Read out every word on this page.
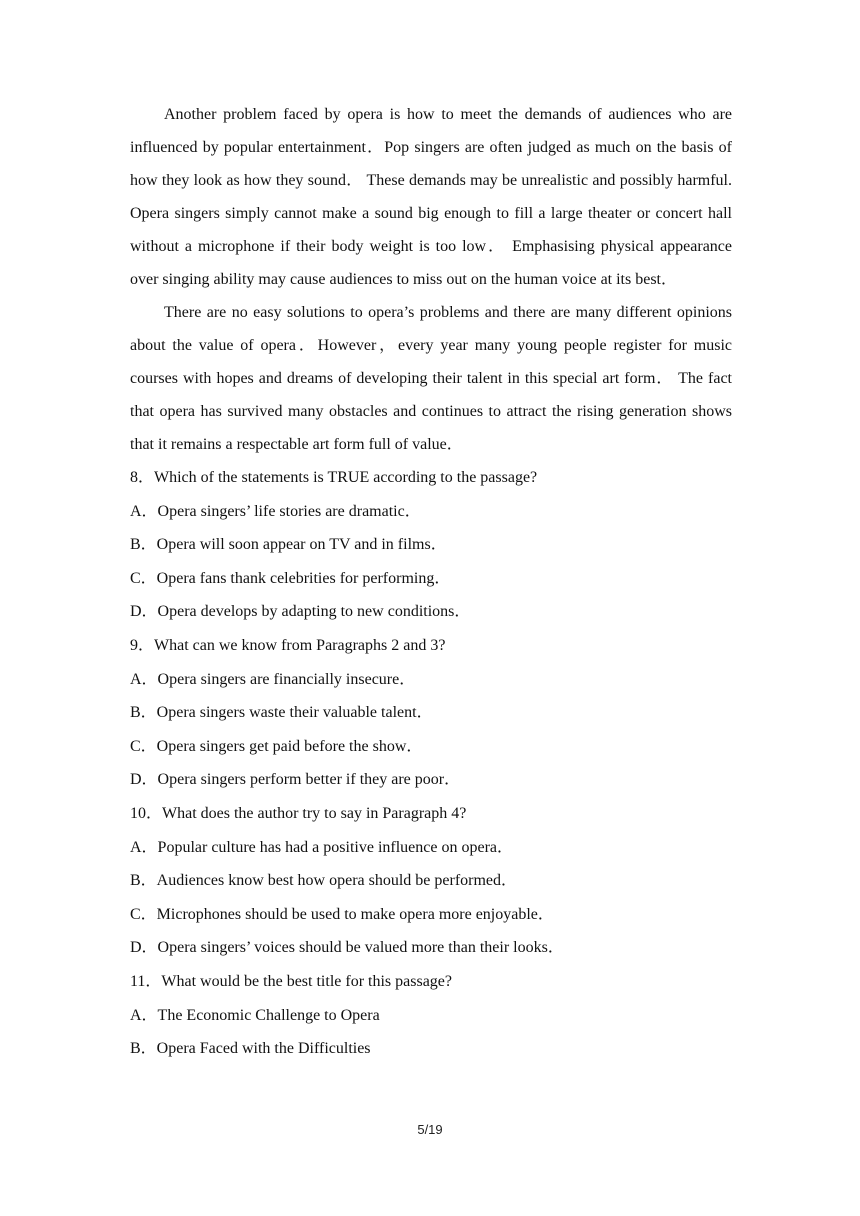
Another problem faced by opera is how to meet the demands of audiences who are influenced by popular entertainment．Pop singers are often judged as much on the basis of how they look as how they sound． These demands may be unrealistic and possibly harmful. Opera singers simply cannot make a sound big enough to fill a large theater or concert hall without a microphone if their body weight is too low． Emphasising physical appearance over singing ability may cause audiences to miss out on the human voice at its best．

There are no easy solutions to opera’s problems and there are many different opinions about the value of opera．However，every year many young people register for music courses with hopes and dreams of developing their talent in this special art form． The fact that opera has survived many obstacles and continues to attract the rising generation shows that it remains a respectable art form full of value．

8．Which of the statements is TRUE according to the passage?

A．Opera singers’ life stories are dramatic．

B．Opera will soon appear on TV and in films．

C．Opera fans thank celebrities for performing．

D．Opera develops by adapting to new conditions．

9．What can we know from Paragraphs 2 and 3?

A．Opera singers are financially insecure．

B．Opera singers waste their valuable talent．

C．Opera singers get paid before the show．

D．Opera singers perform better if they are poor．

10．What does the author try to say in Paragraph 4?

A．Popular culture has had a positive influence on opera．

B．Audiences know best how opera should be performed．

C．Microphones should be used to make opera more enjoyable．

D．Opera singers’ voices should be valued more than their looks．

11．What would be the best title for this passage?

A．The Economic Challenge to Opera

B．Opera Faced with the Difficulties

5/19
